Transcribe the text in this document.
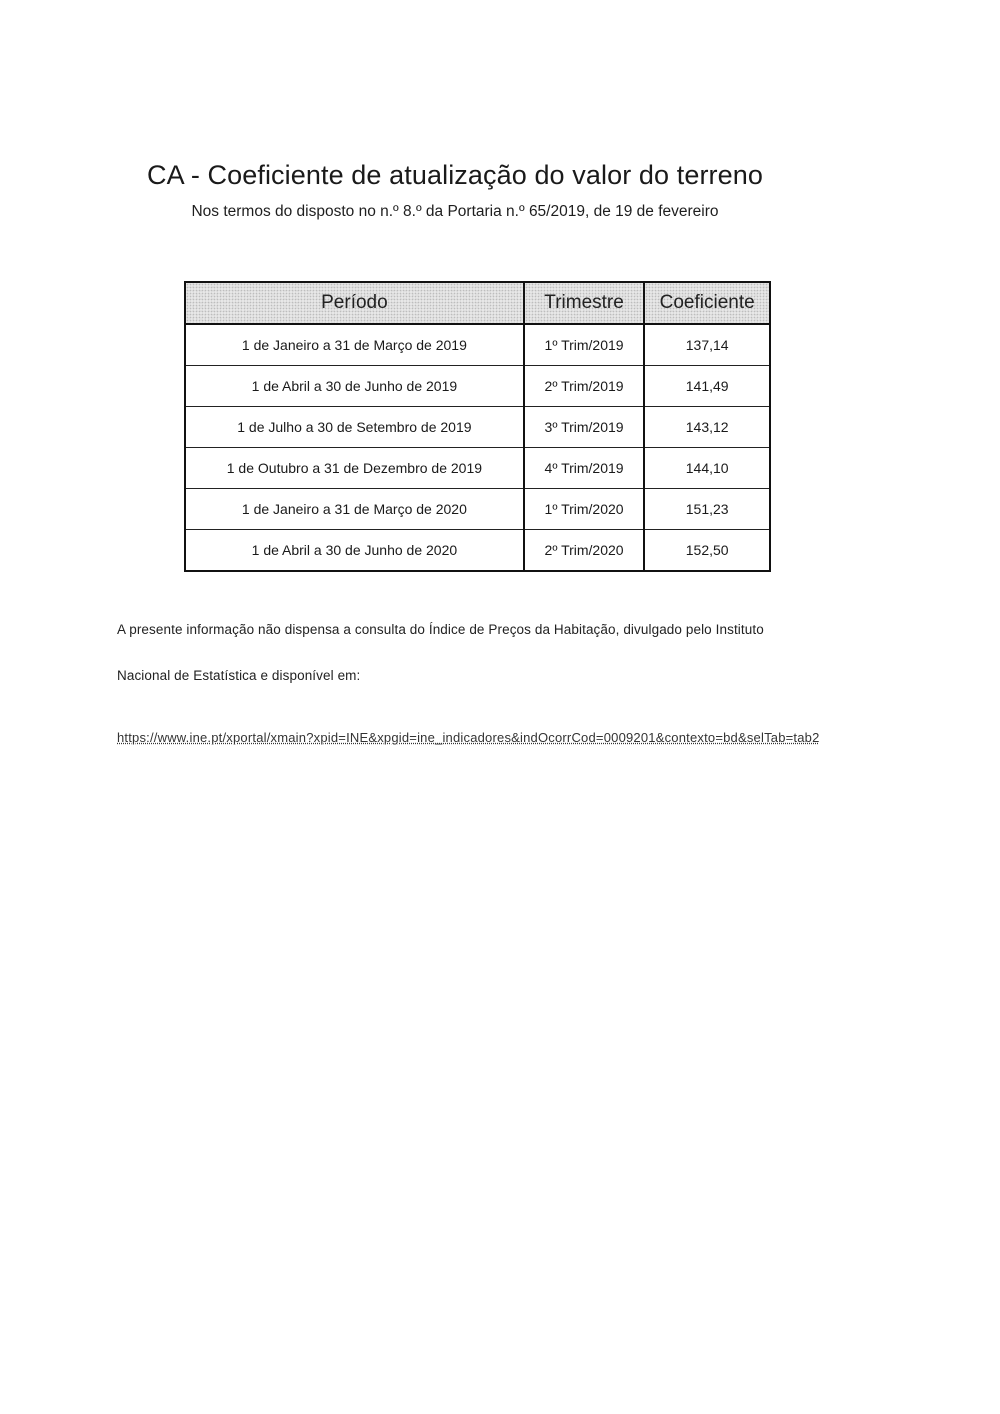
CA - Coeficiente de atualização do valor do terreno
Nos termos do disposto no n.º 8.º da Portaria n.º 65/2019, de 19 de fevereiro
Período	Trimestre	Coeficiente
1 de Janeiro a 31 de Março de 2019	1º Trim/2019	137,14
1 de Abril a 30 de Junho de 2019	2º Trim/2019	141,49
1 de Julho a 30 de Setembro de 2019	3º Trim/2019	143,12
1 de Outubro a 31 de Dezembro de 2019	4º Trim/2019	144,10
1 de Janeiro a 31 de Março de 2020	1º Trim/2020	151,23
1 de Abril a 30 de Junho de 2020	2º Trim/2020	152,50
A presente informação não dispensa a consulta do Índice de Preços da Habitação, divulgado pelo Instituto
Nacional de Estatística e disponível em:
https://www.ine.pt/xportal/xmain?xpid=INE&xpgid=ine_indicadores&indOcorrCod=0009201&contexto=bd&selTab=tab2
